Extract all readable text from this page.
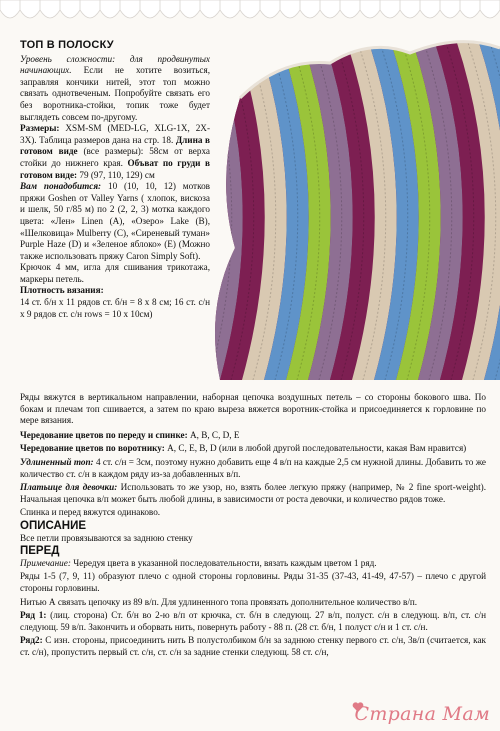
ТОП В ПОЛОСКУ

Уровень сложности: для продвинутых начинающих. Если не хотите возиться, заправляя кончики нитей, этот топ можно связать однотвеченым. Попробуйте связать его без воротника-стойки, топик тоже будет выглядеть совсем по-другому.

Размеры: XSM-SM (MED-LG, XLG-1X, 2X-3X). Таблица размеров дана на стр. 18. Длина в готовом виде (все размеры): 58см от верха стойки до нижнего края. Объват по груди в готовом виде: 79 (97, 110, 129) см

Вам понадобится: 10 (10, 10, 12) мотков пряжи Goshen от Valley Yarns ( хлопок, вискоза и шелк, 50 г/85 м) по 2 (2, 2, 3) мотка каждого цвета: «Лен» Linen (A), «Озеро» Lake (B), «Шелковица» Mulberry (C), «Сиреневый туман» Purple Haze (D) и «Зеленое яблоко» (E) (Можно также использовать пряжу Caron Simply Soft).

Крючок 4 мм, игла для сшивания трикотажа, маркеры петель.

Плотность вязания:

14 ст. б/н x 11 рядов ст. б/н = 8 x 8 см; 16 ст. с/н x 9 рядов ст. с/н rows = 10 x 10см)

Ряды вяжутся в вертикальном направлении, наборная цепочка воздушных петель – со стороны бокового шва. По бокам и плечам топ сшивается, а затем по краю выреза вяжется воротник-стойка и присоединяется к горловине по мере вязания.

Чередование цветов по переду и спинке: A, B, C, D, E

Чередование цветов по воротнику: A, C, E, B, D (или в любой другой последовательности, какая Вам нравится)

Удлиненный топ: 4 ст. с/н = 3см, поэтому нужно добавить еще 4 в/п на каждые 2,5 см нужной длины. Добавить то же количество ст. с/н в каждом ряду из-за добавленных в/п.

Платьице для девочки: Использовать то же узор, но, взять более легкую пряжу (например, № 2 fine sport-weight). Начальная цепочка в/п может быть любой длины, в зависимости от роста девочки, и количество рядов тоже.

Спинка и перед вяжутся одинаково.

ОПИСАНИЕ

Все петли провязываются за заднюю стенку

ПЕРЕД

Примечание: Чередуя цвета в указанной последовательности, вязать каждым цветом 1 ряд.

Ряды 1-5 (7, 9, 11) образуют плечо с одной стороны горловины. Ряды 31-35 (37-43, 41-49, 47-57) – плечо с другой стороны горловины.

Нитью А связать цепочку из 89 в/п. Для удлиненного топа провязать дополнительное количество в/п.

Ряд 1: (лиц. сторона) Ст. б/н во 2-ю в/п от крючка, ст. б/н в следующ. 27 в/п, полуст. с/н в следующ. в/п, ст. с/н следующ. 59 в/п. Закончить и оборвать нить, повернуть работу - 88 п. (28 ст. б/н, 1 полуст с/н и 1 ст. с/н.

Ряд2: С изн. стороны, присоединить нить B полустолбиком б/н за заднюю стенку первого ст. с/н, 3в/п (считается, как ст. с/н), пропустить первый ст. с/н, ст. с/н за задние стенки следующ. 58 ст. с/н,

Страна Мам
